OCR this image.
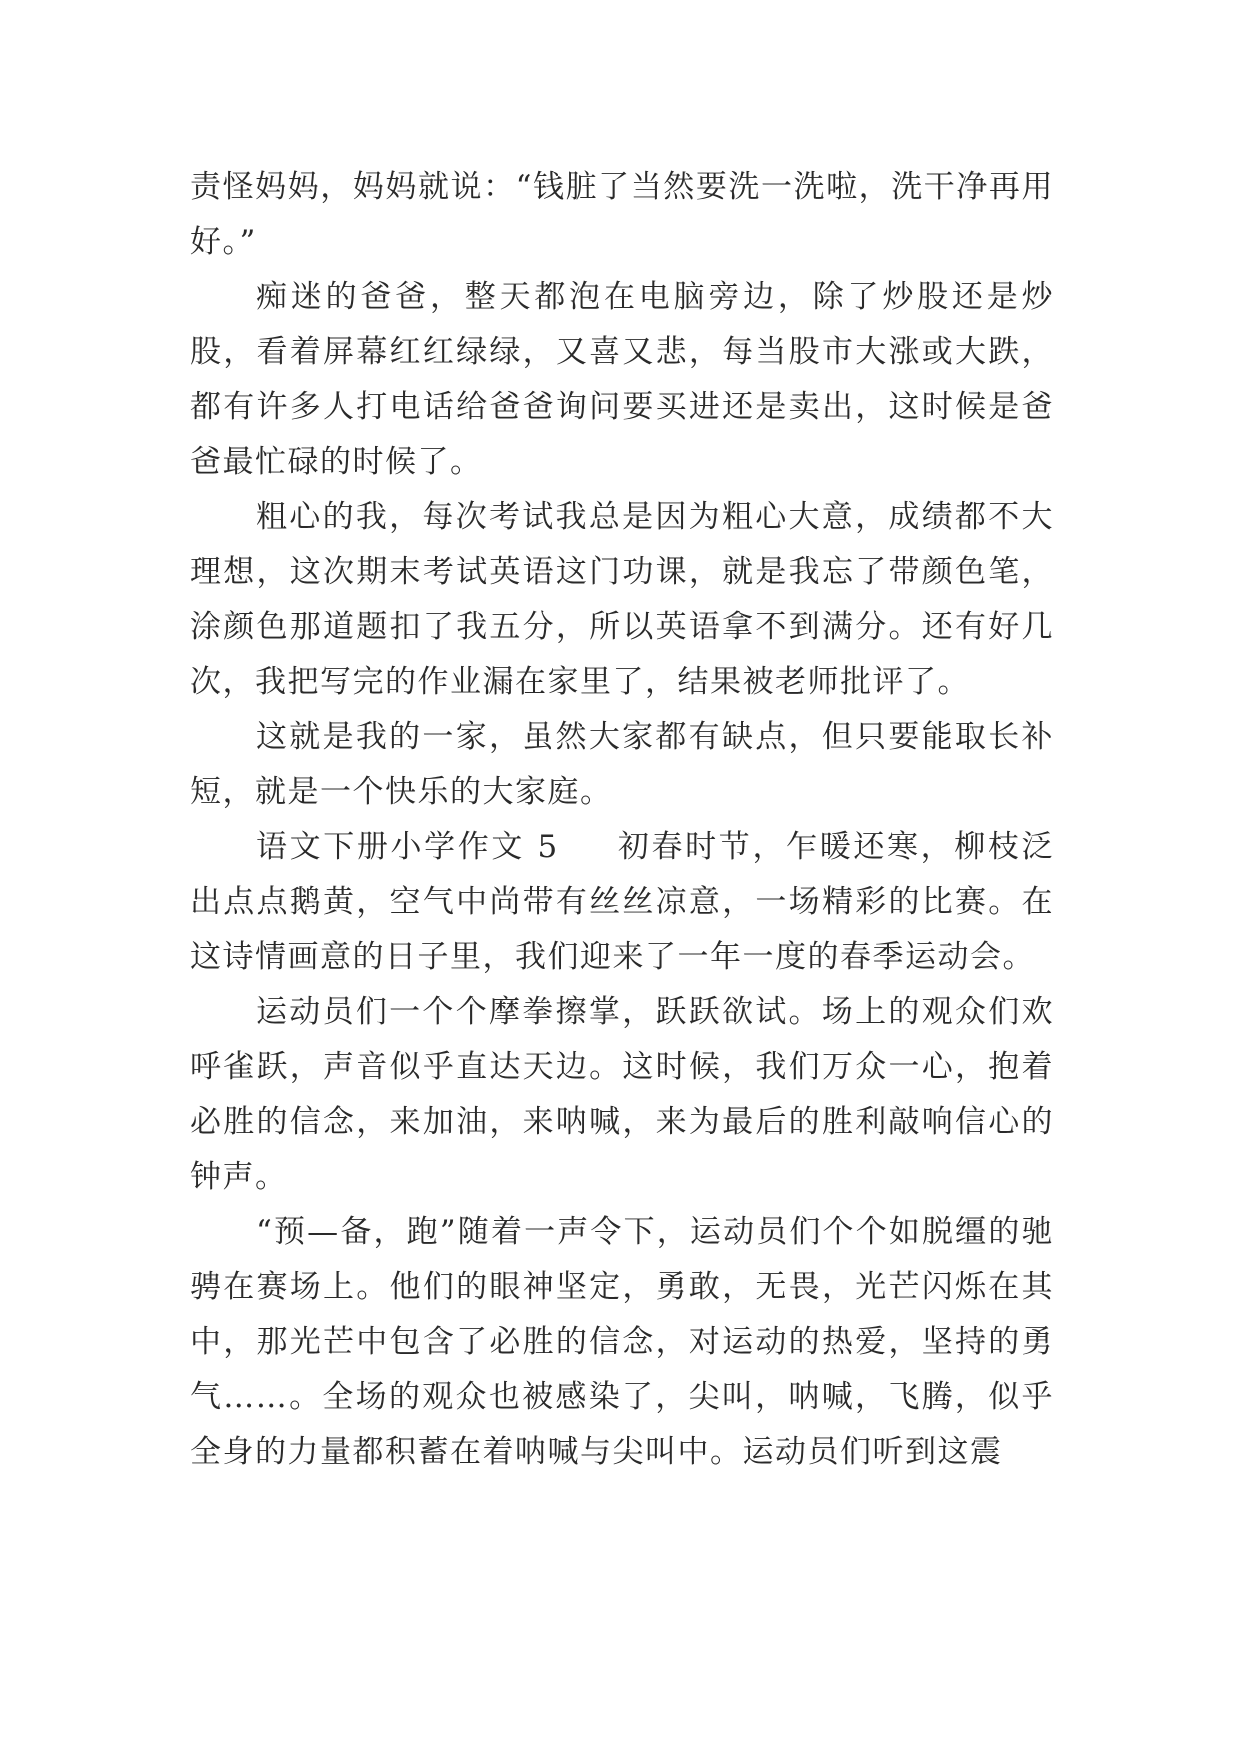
责怪妈妈，妈妈就说：“钱脏了当然要洗一洗啦，洗干净再用好。”

痴迷的爸爸，整天都泡在电脑旁边，除了炒股还是炒股，看着屏幕红红绿绿，又喜又悲，每当股市大涨或大跌，都有许多人打电话给爸爸询问要买进还是卖出，这时候是爸爸最忙碌的时候了。

粗心的我，每次考试我总是因为粗心大意，成绩都不大理想，这次期末考试英语这门功课，就是我忘了带颜色笔，涂颜色那道题扣了我五分，所以英语拿不到满分。还有好几次，我把写完的作业漏在家里了，结果被老师批评了。

这就是我的一家，虽然大家都有缺点，但只要能取长补短，就是一个快乐的大家庭。

语文下册小学作文 5 初春时节，乍暖还寒，柳枝泛出点点鹅黄，空气中尚带有丝丝凉意，一场精彩的比赛。在这诗情画意的日子里，我们迎来了一年一度的春季运动会。

运动员们一个个摩拳擦掌，跃跃欲试。场上的观众们欢呼雀跃，声音似乎直达天边。这时候，我们万众一心，抱着必胜的信念，来加油，来呐喊，来为最后的胜利敲响信心的钟声。

“预—备，跑”随着一声令下，运动员们个个如脱缰的驰骋在赛场上。他们的眼神坚定，勇敢，无畏，光芒闪烁在其中，那光芒中包含了必胜的信念，对运动的热爱，坚持的勇气……。全场的观众也被感染了，尖叫，呐喊，飞腾，似乎全身的力量都积蓄在着呐喊与尖叫中。运动员们听到这震
